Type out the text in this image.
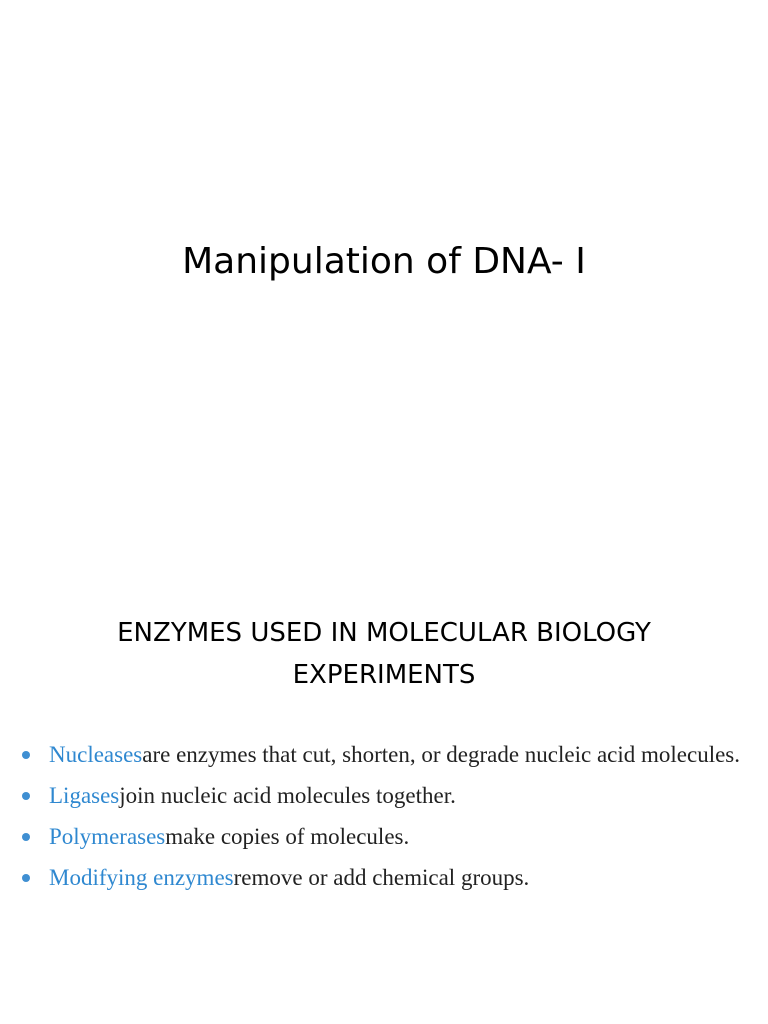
Manipulation of DNA- I
ENZYMES USED IN MOLECULAR BIOLOGY
EXPERIMENTS
Nucleases are enzymes that cut, shorten, or degrade nucleic acid molecules.
Ligases join nucleic acid molecules together.
Polymerases make copies of molecules.
Modifying enzymes remove or add chemical groups.
